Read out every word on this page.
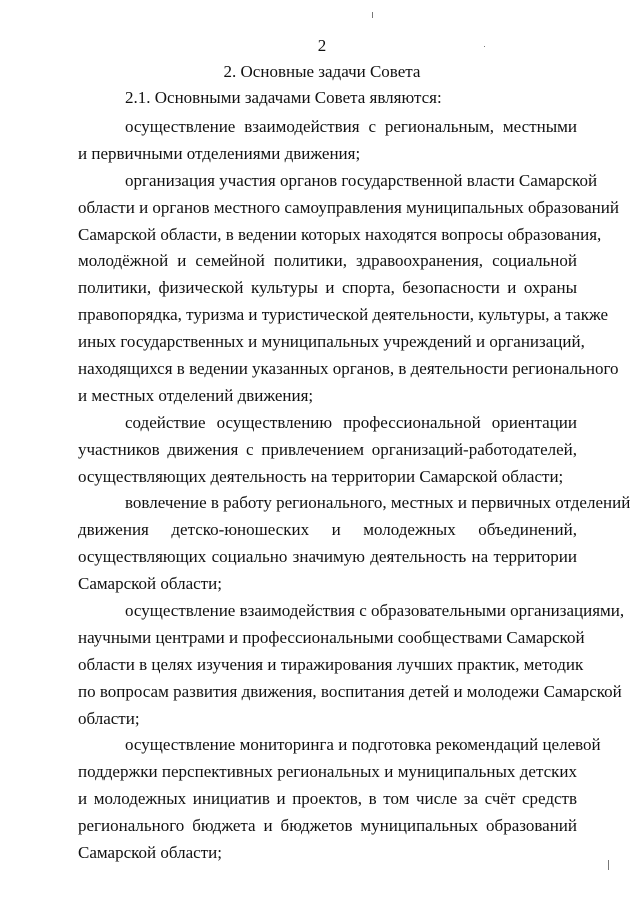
2
2. Основные задачи Совета
2.1. Основными задачами Совета являются:
осуществление взаимодействия с региональным, местными
и первичными отделениями движения;
организация участия органов государственной власти Самарской
области и органов местного самоуправления муниципальных образований
Самарской области, в ведении которых находятся вопросы образования,
молодёжной и семейной политики, здравоохранения, социальной
политики, физической культуры и спорта, безопасности и охраны
правопорядка, туризма и туристической деятельности, культуры, а также
иных государственных и муниципальных учреждений и организаций,
находящихся в ведении указанных органов, в деятельности регионального
и местных отделений движения;
содействие осуществлению профессиональной ориентации
участников движения с привлечением организаций-работодателей,
осуществляющих деятельность на территории Самарской области;
вовлечение в работу регионального, местных и первичных отделений
движения детско-юношеских и молодежных объединений,
осуществляющих социально значимую деятельность на территории
Самарской области;
осуществление взаимодействия с образовательными организациями,
научными центрами и профессиональными сообществами Самарской
области в целях изучения и тиражирования лучших практик, методик
по вопросам развития движения, воспитания детей и молодежи Самарской
области;
осуществление мониторинга и подготовка рекомендаций целевой
поддержки перспективных региональных и муниципальных детских
и молодежных инициатив и проектов, в том числе за счёт средств
регионального бюджета и бюджетов муниципальных образований
Самарской области;
